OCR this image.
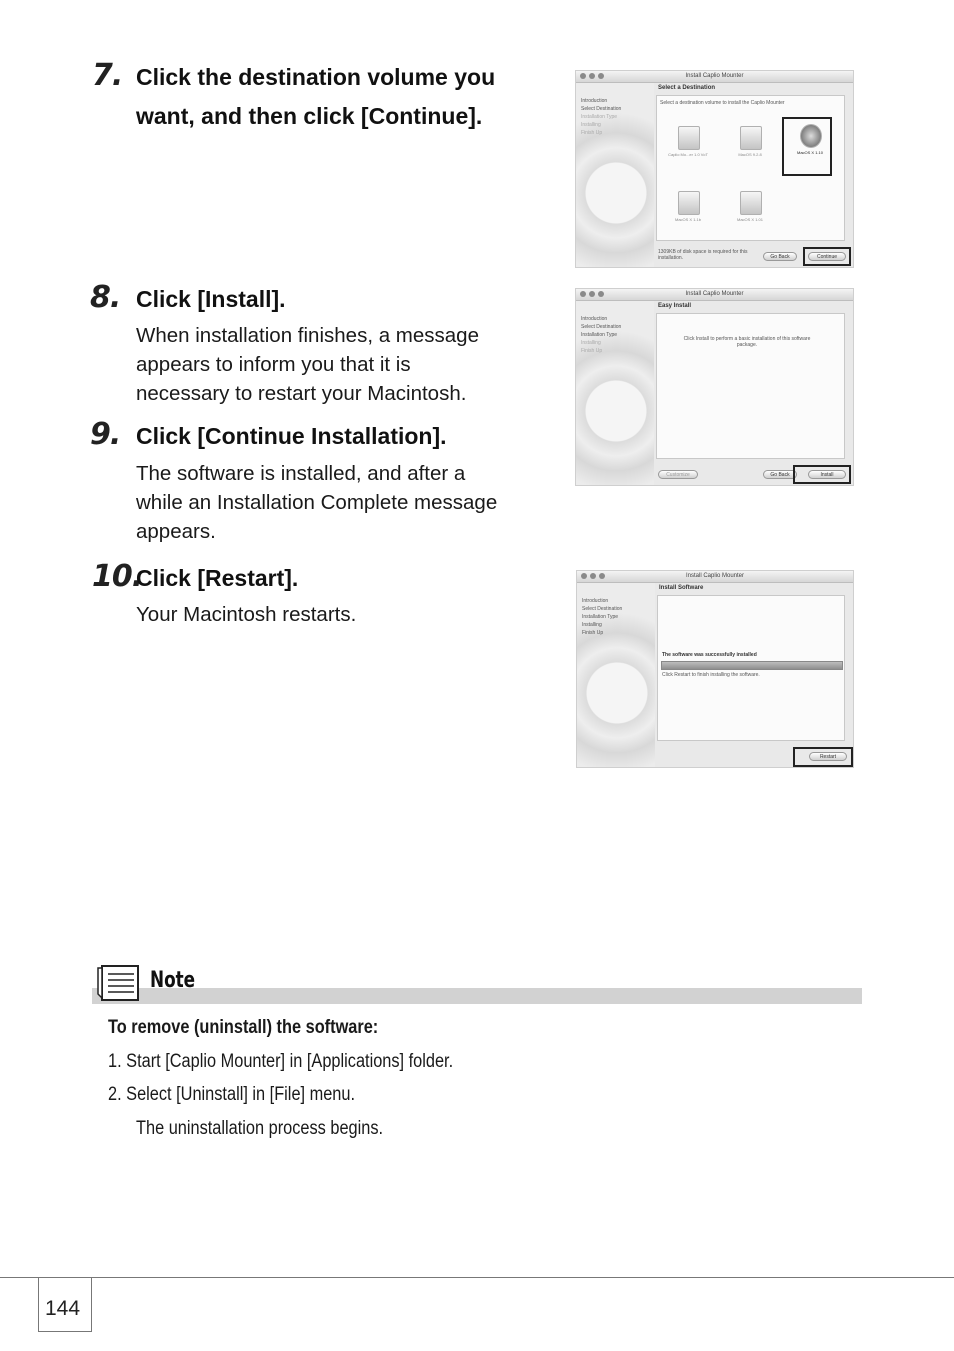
7. Click the destination volume you
want, and then click [Continue].
8. Click [Install].
When installation finishes, a message
appears to inform you that it is
necessary to restart your Macintosh.
9. Click [Continue Installation].
The software is installed, and after a
while an Installation Complete message
appears.
10.
Click [Restart].
Your Macintosh restarts.
Install Caplio Mounter
Introduction
Select Destination
Installation Type
Installing
Finish Up
Select a Destination
Select a destination volume to install the Caplio Mounter
Caplio Mo...er 1.0 VoT	MacOS 9.2.8	MacOS X 1.10
MacOS X 1.1b	MacOS X 1.01
1309KB of disk space is required for this installation.	Go Back	Continue
Install Caplio Mounter
Introduction
Select Destination
Installation Type
Installing
Finish Up
Easy Install
Click Install to perform a basic installation of this software package.
Customize	Go Back	Install
Install Caplio Mounter
Introduction
Select Destination
Installation Type
Installing
Finish Up
Install Software
The software was successfully installed
Click Restart to finish installing the software.
Restart
Note
To remove (uninstall) the software:
1. Start [Caplio Mounter] in [Applications] folder.
2. Select [Uninstall] in [File] menu.
The uninstallation process begins.
144
